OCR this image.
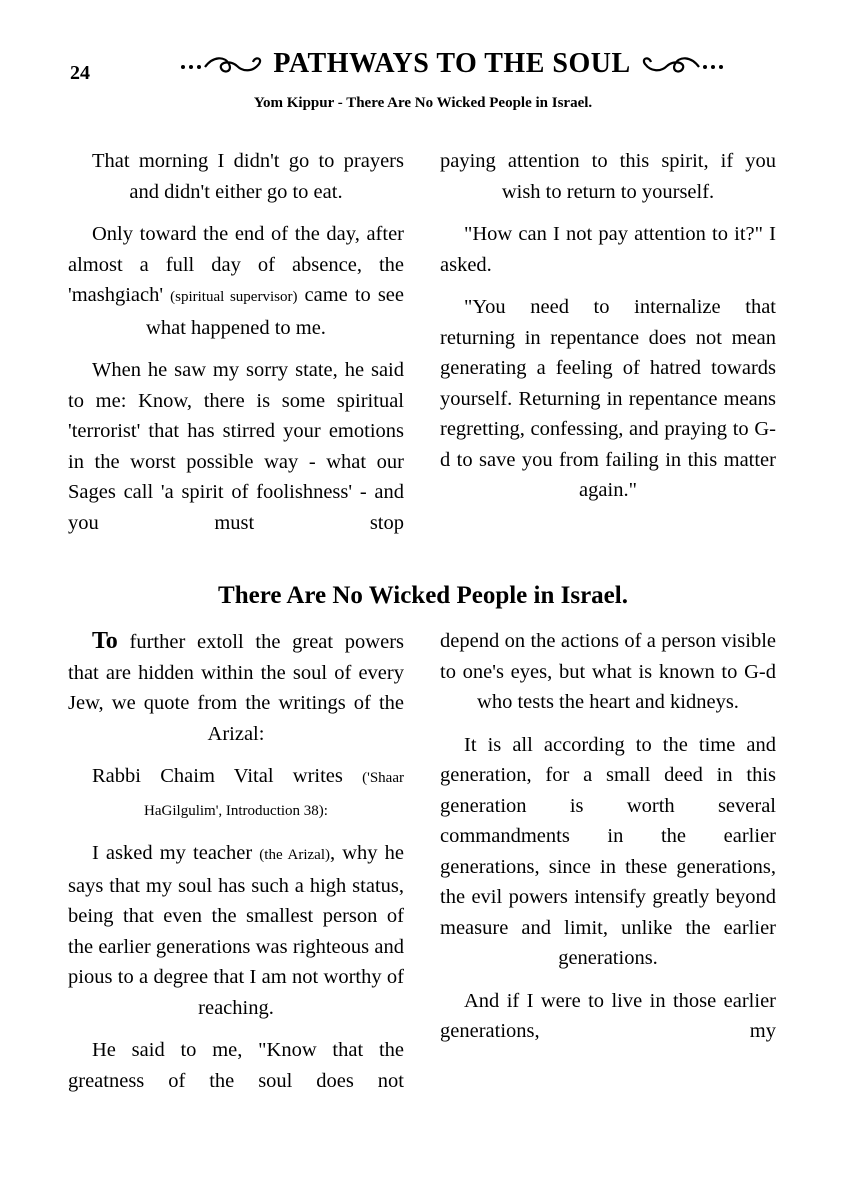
24	PATHWAYS TO THE SOUL
Yom Kippur - There Are No Wicked People in Israel.

That morning I didn't go to prayers and didn't either go to eat.

Only toward the end of the day, after almost a full day of absence, the 'mashgiach' (spiritual supervisor) came to see what happened to me.

When he saw my sorry state, he said to me: Know, there is some spiritual 'terrorist' that has stirred your emotions in the worst possible way - what our Sages call 'a spirit of foolishness' - and you must stop

paying attention to this spirit, if you wish to return to yourself.

"How can I not pay attention to it?" I asked.

"You need to internalize that returning in repentance does not mean generating a feeling of hatred towards yourself. Returning in repentance means regretting, confessing, and praying to G-d to save you from failing in this matter again."

There Are No Wicked People in Israel.

To further extoll the great powers that are hidden within the soul of every Jew, we quote from the writings of the Arizal:

Rabbi Chaim Vital writes ('Shaar HaGilgulim', Introduction 38):

I asked my teacher (the Arizal), why he says that my soul has such a high status, being that even the smallest person of the earlier generations was righteous and pious to a degree that I am not worthy of reaching.

He said to me, "Know that the greatness of the soul does not

depend on the actions of a person visible to one's eyes, but what is known to G-d who tests the heart and kidneys.

It is all according to the time and generation, for a small deed in this generation is worth several commandments in the earlier generations, since in these generations, the evil powers intensify greatly beyond measure and limit, unlike the earlier generations.

And if I were to live in those earlier generations, my
